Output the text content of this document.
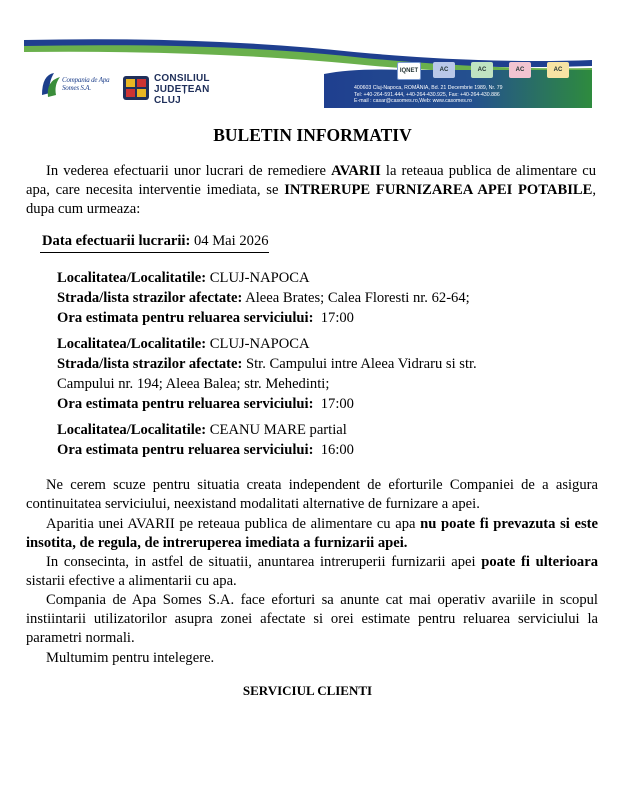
Compania de Apa Somes S.A.
CONSILIUL
JUDEȚEAN
CLUJ
IQNET	AC	AC	AC	AC
400603 Cluj-Napoca, ROMÂNIA, Bd. 21 Decembrie 1989, Nr. 79
Tel: +40-264-591.444, +40-264-430.925, Fax: +40-264-430.886
E-mail : casar@casomes.ro,Web: www.casomes.ro
BULETIN INFORMATIV

In vederea efectuarii unor lucrari de remediere AVARII la reteaua publica de alimentare cu apa, care necesita interventie imediata, se INTRERUPE FURNIZAREA APEI POTABILE, dupa cum urmeaza:

Data efectuarii lucrarii: 04 Mai 2026
Localitatea/Localitatile: CLUJ-NAPOCA
Strada/lista strazilor afectate: Aleea Brates; Calea Floresti nr. 62-64;
Ora estimata pentru reluarea serviciului: 17:00
Localitatea/Localitatile: CLUJ-NAPOCA
Strada/lista strazilor afectate: Str. Campului intre Aleea Vidraru si str.
Campului nr. 194; Aleea Balea; str. Mehedinti;
Ora estimata pentru reluarea serviciului: 17:00
Localitatea/Localitatile: CEANU MARE partial
Ora estimata pentru reluarea serviciului: 16:00

Ne cerem scuze pentru situatia creata independent de eforturile Companiei de a asigura continuitatea serviciului, neexistand modalitati alternative de furnizare a apei.

Aparitia unei AVARII pe reteaua publica de alimentare cu apa nu poate fi prevazuta si este insotita, de regula, de intreruperea imediata a furnizarii apei.

In consecinta, in astfel de situatii, anuntarea intreruperii furnizarii apei poate fi ulterioara sistarii efective a alimentarii cu apa.

Compania de Apa Somes S.A. face eforturi sa anunte cat mai operativ avariile in scopul instiintarii utilizatorilor asupra zonei afectate si orei estimate pentru reluarea serviciului la parametri normali.

Multumim pentru intelegere.

SERVICIUL CLIENTI
